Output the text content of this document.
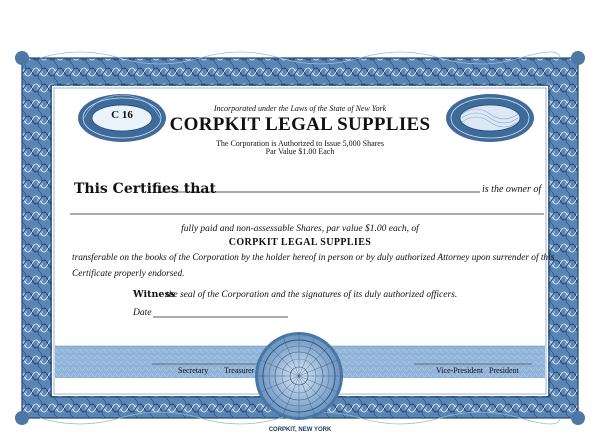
C 16
Incorporated under the Laws of the State of New York
CORPKIT LEGAL SUPPLIES
The Corporation is Authorized to Issue 5,000 Shares
Par Value $1.00 Each
This Certifies that	is the owner of
fully paid and non-assessable Shares, par value $1.00 each, of
CORPKIT LEGAL SUPPLIES
transferable on the books of the Corporation by the holder hereof in person or by duly authorized Attorney upon surrender of this
Certificate properly endorsed.
Witness
the seal of the Corporation and the signatures of its duly authorized officers.
Date
Secretary Treasurer	Vice-President President
CORPKIT, NEW YORK
